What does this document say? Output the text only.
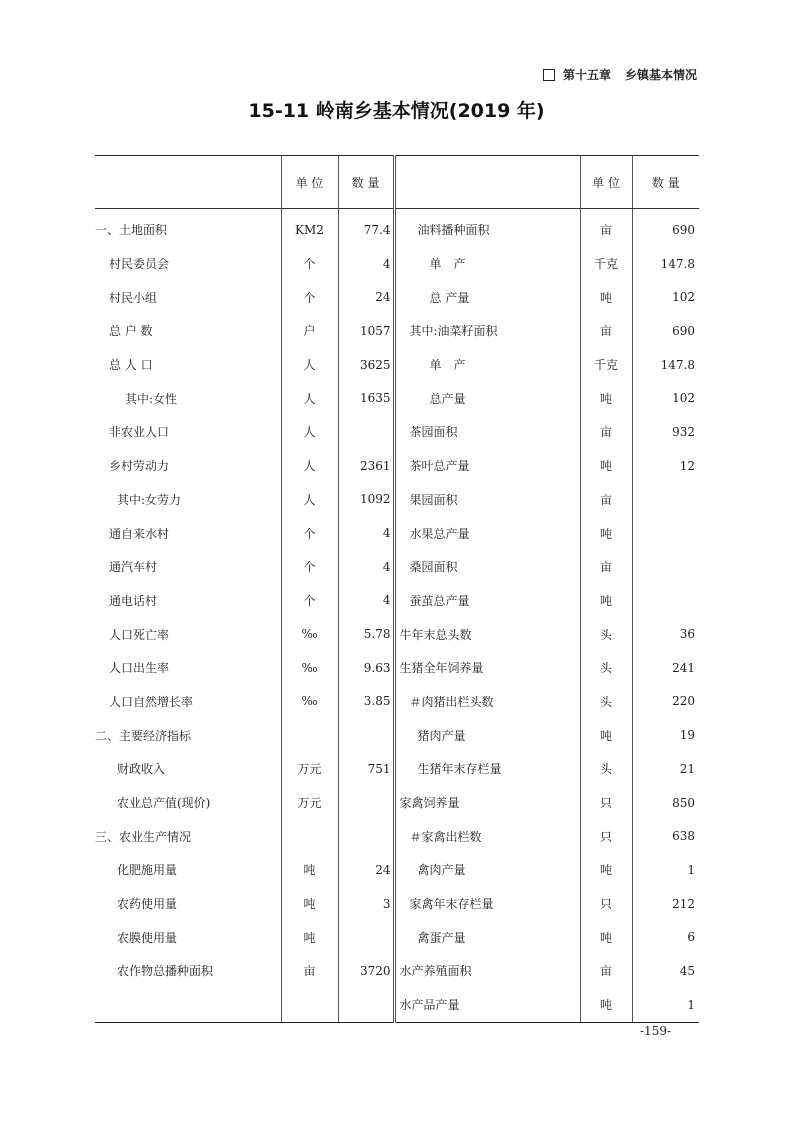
第十五章 乡镇基本情况
15-11 岭南乡基本情况(2019 年)
	单 位	数 量		单 位	数 量
一、土地面积	KM2	77.4	油料播种面积	亩	690
村民委员会	个	4	单　产	千克	147.8
村民小组	个	24	总 产量	吨	102
总 户 数	户	1057	其中:油菜籽面积	亩	690
总 人 口	人	3625	单　产	千克	147.8
其中:女性	人	1635	总产量	吨	102
非农业人口	人		茶园面积	亩	932
乡村劳动力	人	2361	茶叶总产量	吨	12
其中:女劳力	人	1092	果园面积	亩	
通自来水村	个	4	水果总产量	吨	
通汽车村	个	4	桑园面积	亩	
通电话村	个	4	蚕茧总产量	吨	
人口死亡率	‰	5.78	牛年末总头数	头	36
人口出生率	‰	9.63	生猪全年饲养量	头	241
人口自然增长率	‰	3.85	＃肉猪出栏头数	头	220
二、主要经济指标			猪肉产量	吨	19
财政收入	万元	751	生猪年末存栏量	头	21
农业总产值(现价)	万元		家禽饲养量	只	850
三、农业生产情况			＃家禽出栏数	只	638
化肥施用量	吨	24	禽肉产量	吨	1
农药使用量	吨	3	家禽年末存栏量	只	212
农膜使用量	吨		禽蛋产量	吨	6
农作物总播种面积	亩	3720	水产养殖面积	亩	45
			水产品产量	吨	1
-159-
